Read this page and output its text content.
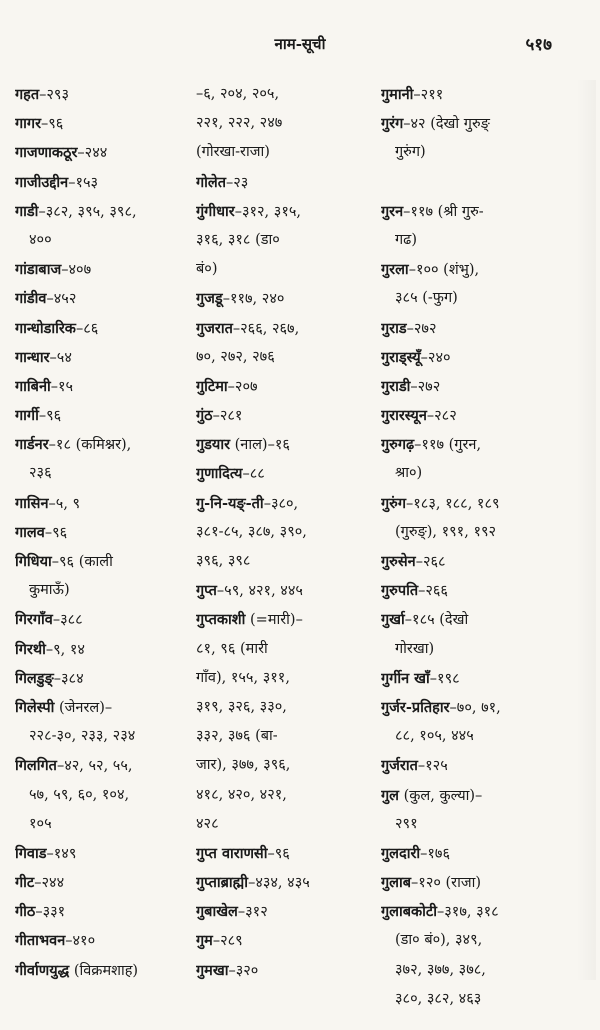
नाम-सूची	५१७
गहत–२९३
गागर–९६
गाजणाकठूर–२४४
गाजीउद्दीन–१५३
गाडी–३८२, ३९५, ३९८,
४००
गांडाबाज–४०७
गांडीव–४५२
गान्धोडारिक–८६
गान्धार–५४
गाबिनी–१५
गार्गी–९६
गार्डनर–१८ (कमिश्नर),
२३६
गासिन–५, ९
गालव–९६
गिधिया–९६ (काली
कुमाऊँ)
गिरगाँव–३८८
गिरथी–९, १४
गिलडुङ्–३८४
गिलेस्पी (जेनरल)–
२२८-३०, २३३, २३४
गिलगित–४२, ५२, ५५,
५७, ५९, ६०, १०४,
१०५
गिवाड–१४९
गीट–२४४
गीठ–३३१
गीताभवन–४१०
गीर्वाणयुद्ध (विक्रमशाह)
–६, २०४, २०५,
२२१, २२२, २४७
(गोरखा-राजा)
गोलेत–२३
गुंगीधार–३१२, ३१५,
३१६, ३१८ (डा०
बं०)
गुजडू–११७, २४०
गुजरात–२६६, २६७,
७०, २७२, २७६
गुटिमा–२०७
गुंठ–२८१
गुडयार (नाल)–१६
गुणादित्य–८८
गु-नि-यङ्-ती–३८०,
३८१-८५, ३८७, ३९०,
३९६, ३९८
गुप्त–५९, ४२१, ४४५
गुप्तकाशी (=मारी)–
८१, ९६ (मारी
गाँव), १५५, ३११,
३१९, ३२६, ३३०,
३३२, ३७६ (बा-
जार), ३७७, ३९६,
४१८, ४२०, ४२१,
४२८
गुप्त वाराणसी–९६
गुप्ताब्राह्मी–४३४, ४३५
गुबाखेल–३१२
गुम–२८९
गुमखा–३२०
गुमानी–२११
गुरंग–४२ (देखो गुरुङ्
गुरुंग)
गुरन–११७ (श्री गुरु-
गढ)
गुरला–१०० (शंभु),
३८५ (-फुग)
गुराड–२७२
गुराड्स्यूँ–२४०
गुराडी–२७२
गुरारस्यून–२८२
गुरुगढ़–११७ (गुरन,
श्रा०)
गुरुंग–१८३, १८८, १८९
(गुरुङ्), १९१, १९२
गुरुसेन–२६८
गुरुपति–२६६
गुर्खा–१८५ (देखो
गोरखा)
गुर्गीन खाँ–१९८
गुर्जर-प्रतिहार–७०, ७१,
८८, १०५, ४४५
गुर्जरात–१२५
गुल (कुल, कुल्या)–
२९१
गुलदारी–१७६
गुलाब–१२० (राजा)
गुलाबकोटी–३१७, ३१८
(डा० बं०), ३४९,
३७२, ३७७, ३७८,
३८०, ३८२, ४६३
